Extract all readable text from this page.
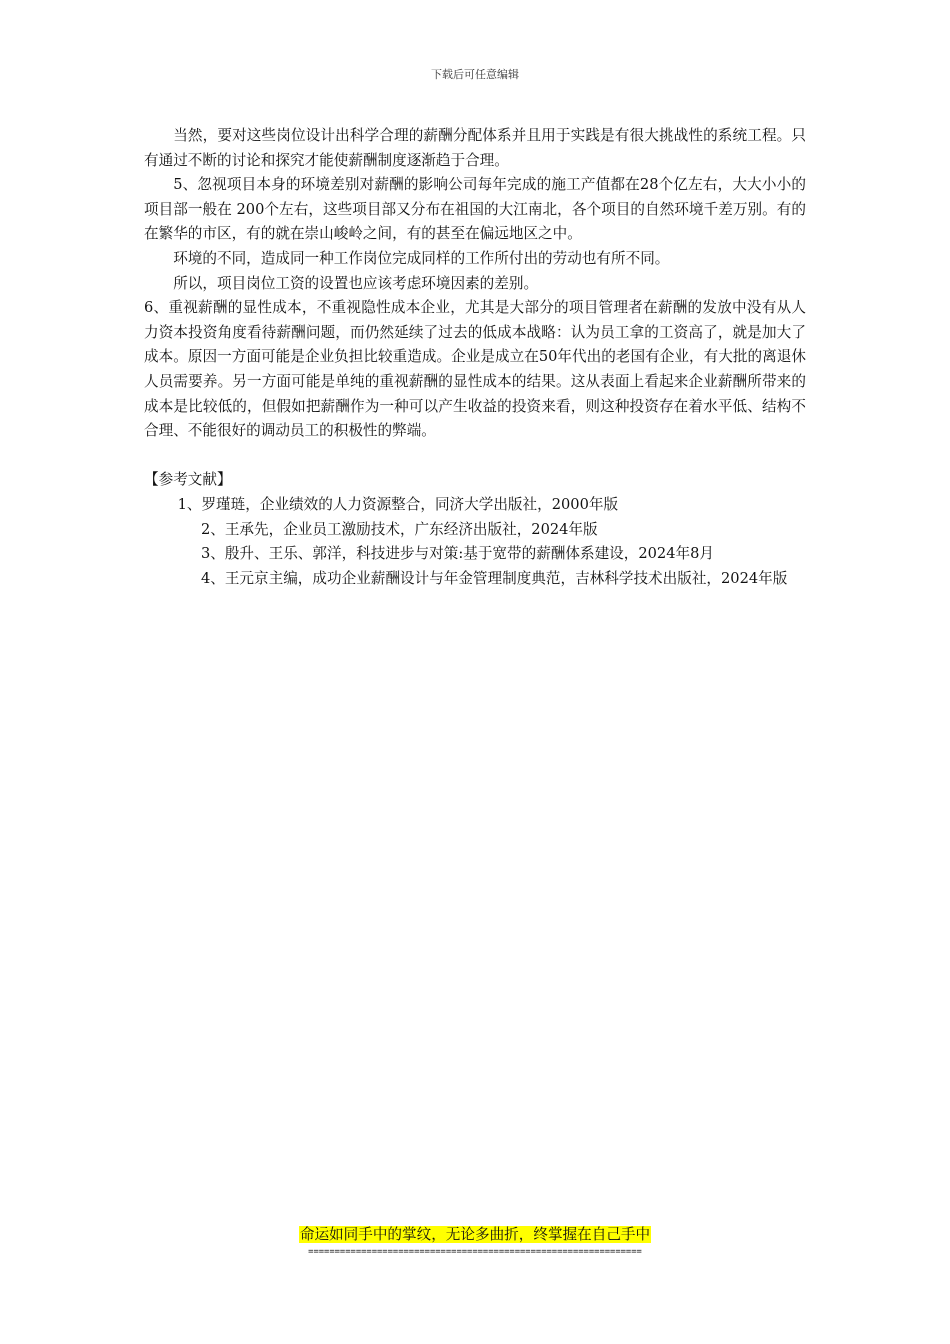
下载后可任意编辑

当然，要对这些岗位设计出科学合理的薪酬分配体系并且用于实践是有很大挑战性的系统工程。只有通过不断的讨论和探究才能使薪酬制度逐渐趋于合理。

5、忽视项目本身的环境差别对薪酬的影响公司每年完成的施工产值都在28个亿左右，大大小小的项目部一般在 200个左右，这些项目部又分布在祖国的大江南北，各个项目的自然环境千差万别。有的在繁华的市区，有的就在崇山峻岭之间，有的甚至在偏远地区之中。

环境的不同，造成同一种工作岗位完成同样的工作所付出的劳动也有所不同。

所以，项目岗位工资的设置也应该考虑环境因素的差别。

6、重视薪酬的显性成本，不重视隐性成本企业，尤其是大部分的项目管理者在薪酬的发放中没有从人力资本投资角度看待薪酬问题，而仍然延续了过去的低成本战略：认为员工拿的工资高了，就是加大了成本。原因一方面可能是企业负担比较重造成。企业是成立在50年代出的老国有企业，有大批的离退休人员需要养。另一方面可能是单纯的重视薪酬的显性成本的结果。这从表面上看起来企业薪酬所带来的成本是比较低的，但假如把薪酬作为一种可以产生收益的投资来看，则这种投资存在着水平低、结构不合理、不能很好的调动员工的积极性的弊端。

【参考文献】

1、罗瑾琏，企业绩效的人力资源整合，同济大学出版社，2000年版

2、王承先，企业员工激励技术，广东经济出版社，2024年版

3、殷升、王乐、郭洋，科技进步与对策:基于宽带的薪酬体系建设，2024年8月

4、王元京主编，成功企业薪酬设计与年金管理制度典范，吉林科学技术出版社，2024年版

命运如同手中的掌纹，无论多曲折，终掌握在自己手中
===============================================================
